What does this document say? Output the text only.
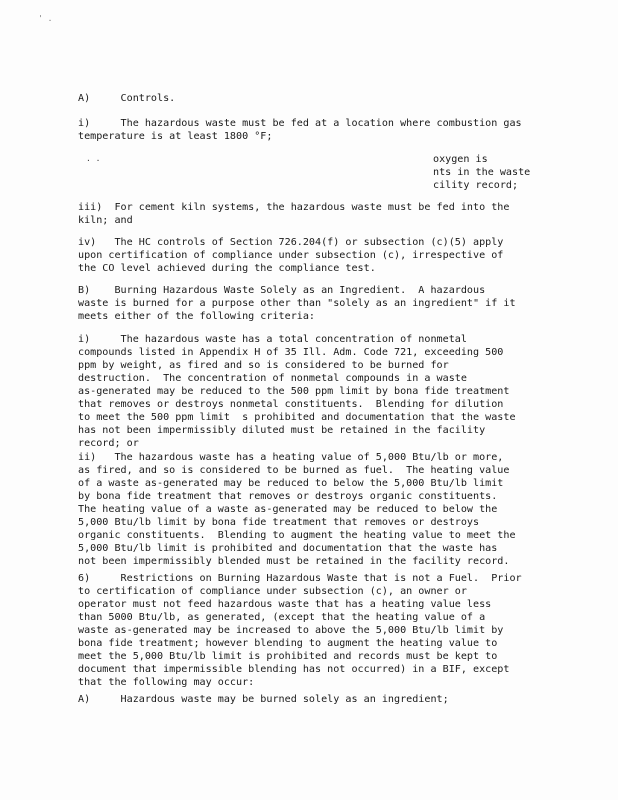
' .
A)     Controls.
i)     The hazardous waste must be fed at a location where combustion gas
temperature is at least 1800 °F;
. .	oxygen is
nts in the waste
cility record;
iii)  For cement kiln systems, the hazardous waste must be fed into the
kiln; and
iv)   The HC controls of Section 726.204(f) or subsection (c)(5) apply
upon certification of compliance under subsection (c), irrespective of
the CO level achieved during the compliance test.
B)    Burning Hazardous Waste Solely as an Ingredient.  A hazardous
waste is burned for a purpose other than "solely as an ingredient" if it
meets either of the following criteria:
i)     The hazardous waste has a total concentration of nonmetal
compounds listed in Appendix H of 35 Ill. Adm. Code 721, exceeding 500
ppm by weight, as fired and so is considered to be burned for
destruction.  The concentration of nonmetal compounds in a waste
as-generated may be reduced to the 500 ppm limit by bona fide treatment
that removes or destroys nonmetal constituents.  Blending for dilution
to meet the 500 ppm limit  s prohibited and documentation that the waste
has not been impermissibly diluted must be retained in the facility
record; or
ii)   The hazardous waste has a heating value of 5,000 Btu/lb or more,
as fired, and so is considered to be burned as fuel.  The heating value
of a waste as-generated may be reduced to below the 5,000 Btu/lb limit
by bona fide treatment that removes or destroys organic constituents.
The heating value of a waste as-generated may be reduced to below the
5,000 Btu/lb limit by bona fide treatment that removes or destroys
organic constituents.  Blending to augment the heating value to meet the
5,000 Btu/lb limit is prohibited and documentation that the waste has
not been impermissibly blended must be retained in the facility record.
6)     Restrictions on Burning Hazardous Waste that is not a Fuel.  Prior
to certification of compliance under subsection (c), an owner or
operator must not feed hazardous waste that has a heating value less
than 5000 Btu/lb, as generated, (except that the heating value of a
waste as-generated may be increased to above the 5,000 Btu/lb limit by
bona fide treatment; however blending to augment the heating value to
meet the 5,000 Btu/lb limit is prohibited and records must be kept to
document that impermissible blending has not occurred) in a BIF, except
that the following may occur:
A)     Hazardous waste may be burned solely as an ingredient;
